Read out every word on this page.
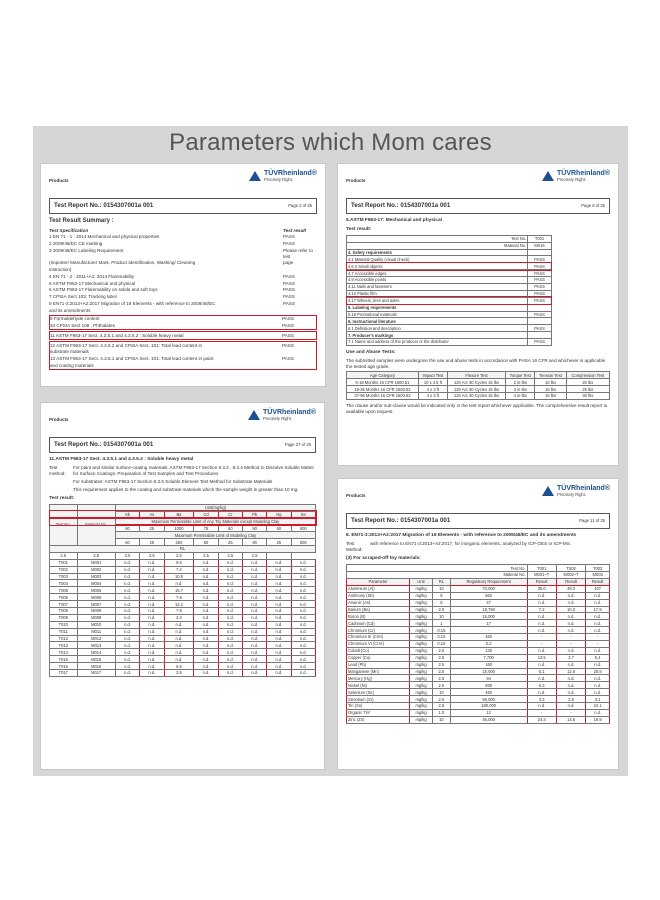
Parameters which Mom cares
Products
TÜVRheinland®
Precisely Right.
Test Report No.: 0154307001a 001	Page 2 of 25
Test Result Summary :
Test Specification	Test result
1 EN 71 - 1 : 2014 Mechanical and physical properties	PASS
2 2009/48/EC CE marking	PASS
3 2009/48/EC Labeling Requirement	Please refer to test
(Importer/ Manufacturer Mark, Product Identification, Washing/ Cleaning	page
instruction)
4 EN 71 - 2 : 2011+A1: 2014 Flammability	PASS
5 ASTM F963-17 Mechanical and physical	PASS
6 ASTM F963-17 Flammability on solids and soft toys	PASS
7 CPSIA Sect 103: Tracking label	PASS
8 EN71-3:2013+A2:2017 Migration of 19 Elements - with reference to 2009/48/EC	PASS
and its amendments
9 Formaldehyde content	PASS
10 CPSIA Sect 108 : Phthalates	PASS
11 ASTM F963-17 Sect. 4.3.5.1 and 4.3.5.2 : Soluble heavy metal	PASS
12 ASTM F963-17 Sect. 4.3.5.2 and CPSIA Sect. 101: Total lead content in	PASS
substrate materials
13 ASTM F963-17 Sect. 4.3.5.1 and CPSIA Sect. 101: Total lead content in paint	PASS
and coating materials
Products
TÜVRheinland®
Precisely Right.
Test Report No.: 0154307001a 001	Page 8 of 25
5.ASTM F963-17: Mechanical and physical
Test result:
Test No.	T001
Material No.	M016
4. Safety requirements	
4.1 Material Quality (visual check)	PASS
4.6.3 Small objects	PASS
4.7 Accessible edges	PASS
4.9 Accessible points	PASS
4.11 Nails and fasteners	PASS
4.12 Plastic film	PASS
4.17 Wheels, tires and axles	PASS
5. Labeling requirements	
5.16 Promotional materials	PASS
6. Instructional literature	
6.1 Definition and description	PASS
7. Producer's markings	
7.1 Name and address of the producer or the distributor	PASS
Use and Abuse Tests:
The submitted samples were undergone the use and abuse tests in accordance with FHSA 16 CFR and whichever is applicable the tested age grade.
Age Category	Impact Test	Flexure Test	Torque Test	Tension Test	Compression Test
0-18 Months 16 CFR 1500.51	10 x 4.5 ft	120 Arc 30 Cycles 15 lbs	2 in-lbs	10 lbs	20 lbs
18-36 Months 16 CFR 1500.52	4 x 3 ft	120 Arc 30 Cycles 15 lbs	3 in-lbs	15 lbs	25 lbs
37-96 Months 16 CFR 1500.53	4 x 3 ft	120 Arc 30 Cycles 15 lbs	4 in-lbs	15 lbs	30 lbs
The clause and/or sub-clause would be indicated only in the test report whichever applicable. The comprehensive result report is available upon request.
Products
TÜVRheinland®
Precisely Right.
Test Report No.: 0154307001a 001	Page 27 of 25
11.ASTM F963-17 Sect. 4.3.5.1 and 4.3.5.2 : Soluble heavy metal
Test method:
For paint and similar surface-coating materials: ASTM F963-17 Section 8.3.2 , 8.3.4 Method to Dissolve Soluble Matter for Surface Coatings; Preparation of Test Samples and Test Procedures
For substrates: ASTM F963-17 Section 8.3.5 Soluble Element Test Method for Substrate Materials
This requirement applies to the coating and substrate materials which the sample weight is greater than 10 mg.
Test result:
Test No.	Material No.	Unit(mg/kg)							
		Sb	As	Ba	Cd	Cr	Pb	Hg	Se
		Maximum Permissible Limit of Any Toy Materials except Modeling Clay							
		60	25	1000	75	60	90	60	500
		Maximum Permissible Limit of Modeling Clay							
		60	25	250	50	25	90	25	500
RL									
2.5	2.5	2.5	2.5	2.5	2.5	2.5	2.5		
T001	M001	n.d.	n.d.	9.5	n.d.	n.d.	n.d.	n.d.	n.d.
T002	M002	n.d.	n.d.	7.2	n.d.	n.d.	n.d.	n.d.	n.d.
T003	M003	n.d.	n.d.	10.5	n.d.	n.d.	n.d.	n.d.	n.d.
T004	M004	n.d.	n.d.	n.d.	n.d.	n.d.	n.d.	n.d.	n.d.
T005	M005	n.d.	n.d.	15.7	n.d.	n.d.	n.d.	n.d.	n.d.
T006	M006	n.d.	n.d.	7.8	n.d.	n.d.	n.d.	n.d.	n.d.
T007	M007	n.d.	n.d.	12.2	n.d.	n.d.	n.d.	n.d.	n.d.
T008	M008	n.d.	n.d.	7.8	n.d.	n.d.	n.d.	n.d.	n.d.
T009	M009	n.d.	n.d.	3.4	n.d.	n.d.	n.d.	n.d.	n.d.
T010	M010	n.d.	n.d.	n.d.	n.d.	n.d.	n.d.	n.d.	n.d.
T011	M011	n.d.	n.d.	n.d.	n.d.	n.d.	n.d.	n.d.	n.d.
T012	M012	n.d.	n.d.	n.d.	n.d.	n.d.	n.d.	n.d.	n.d.
T013	M013	n.d.	n.d.	n.d.	n.d.	n.d.	n.d.	n.d.	n.d.
T014	M014	n.d.	n.d.	n.d.	n.d.	n.d.	n.d.	n.d.	n.d.
T015	M015	n.d.	n.d.	n.d.	n.d.	n.d.	n.d.	n.d.	n.d.
T016	M016	n.d.	n.d.	5.6	n.d.	n.d.	n.d.	n.d.	n.d.
T017	M017	n.d.	n.d.	3.5	n.d.	n.d.	n.d.	n.d.	n.d.
Products
TÜVRheinland®
Precisely Right.
Test Report No.: 0154307001a 001	Page 11 of 25
8. EN71-3:2013+A2:2017 Migration of 19 Elements - with reference to 2009/48/EC and its amendments
Test Method:
with reference to EN71-3:2013+A2:2017, for inorganic elements, analyzed by ICP-OES or ICP-MS.
(3) For scraped-off toy materials:
Test No.				T001	T002	T003
Material No.				M001~T	M002~T	M003
Parameter	Unit	RL	Regulatory Requirement	Result	Result	Result
Aluminium (Al)	mg/kg	10	70,000	35.0	49.3	107
Antimony (Sb)	mg/kg	5	560	n.d.	n.d.	n.d.
Arsenic (As)	mg/kg	5	47	n.d.	n.d.	n.d.
Barium (Ba)	mg/kg	2.5	18,750	7.2	10.3	17.9
Boron (B)	mg/kg	10	15,000	n.d.	n.d.	n.d.
Cadmium (Cd)	mg/kg	1	17	n.d.	n.d.	n.d.
Chromium (Cr)	mg/kg	0.15	-	n.d.	n.d.	n.d.
Chromium III (CrIII)	mg/kg	0.15	460	-	-	-
Chromium VI (CrVI)	mg/kg	0.15	0.2	-	-	-
Cobalt (Co)	mg/kg	2.5	130	n.d.	n.d.	n.d.
Copper (Cu)	mg/kg	2.5	7,700	13.5	2.7	5.4
Lead (Pb)	mg/kg	2.5	160	n.d.	n.d.	n.d.
Manganese (Mn)	mg/kg	2.5	15,000	5.1	12.6	20.8
Mercury (Hg)	mg/kg	2.5	94	n.d.	n.d.	n.d.
Nickel (Ni)	mg/kg	2.5	930	6.3	n.d.	n.d.
Selenium (Se)	mg/kg	10	460	n.d.	n.d.	n.d.
Strontium (Sr)	mg/kg	2.5	56,000	3.3	2.5	3.1
Tin (Sn)	mg/kg	2.5	180,000	n.d.	n.d.	24.1
Organic Tin*	mg/kg	1.0	12	-	-	n.d.
Zinc (Zn)	mg/kg	10	46,000	24.3	14.5	19.9
